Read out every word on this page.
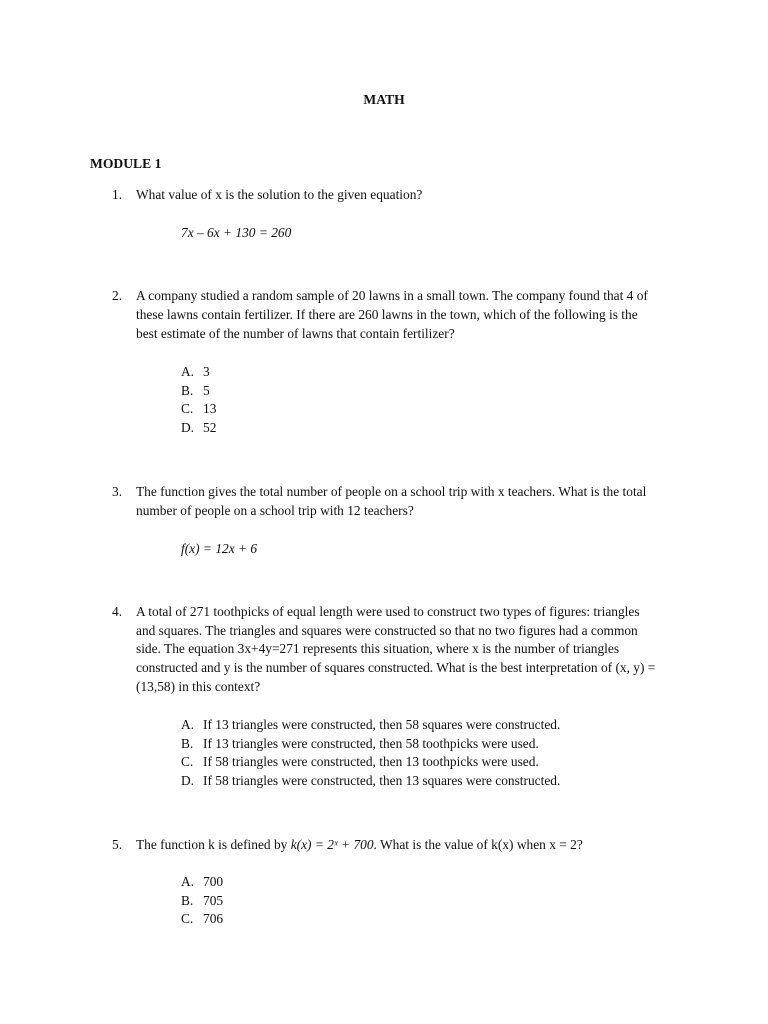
MATH
MODULE 1
1. What value of x is the solution to the given equation?
7x – 6x + 130 = 260
2. A company studied a random sample of 20 lawns in a small town. The company found that 4 of
these lawns contain fertilizer. If there are 260 lawns in the town, which of the following is the
best estimate of the number of lawns that contain fertilizer?
A. 3
B. 5
C. 13
D. 52
3. The function gives the total number of people on a school trip with x teachers. What is the total
number of people on a school trip with 12 teachers?
f(x) = 12x + 6
4. A total of 271 toothpicks of equal length were used to construct two types of figures: triangles
and squares. The triangles and squares were constructed so that no two figures had a common
side. The equation 3x+4y=271 represents this situation, where x is the number of triangles
constructed and y is the number of squares constructed. What is the best interpretation of (x, y) =
(13,58) in this context?
A. If 13 triangles were constructed, then 58 squares were constructed.
B. If 13 triangles were constructed, then 58 toothpicks were used.
C. If 58 triangles were constructed, then 13 toothpicks were used.
D. If 58 triangles were constructed, then 13 squares were constructed.
5. The function k is defined by k(x) = 2ˣ + 700. What is the value of k(x) when x = 2?
A. 700
B. 705
C. 706
